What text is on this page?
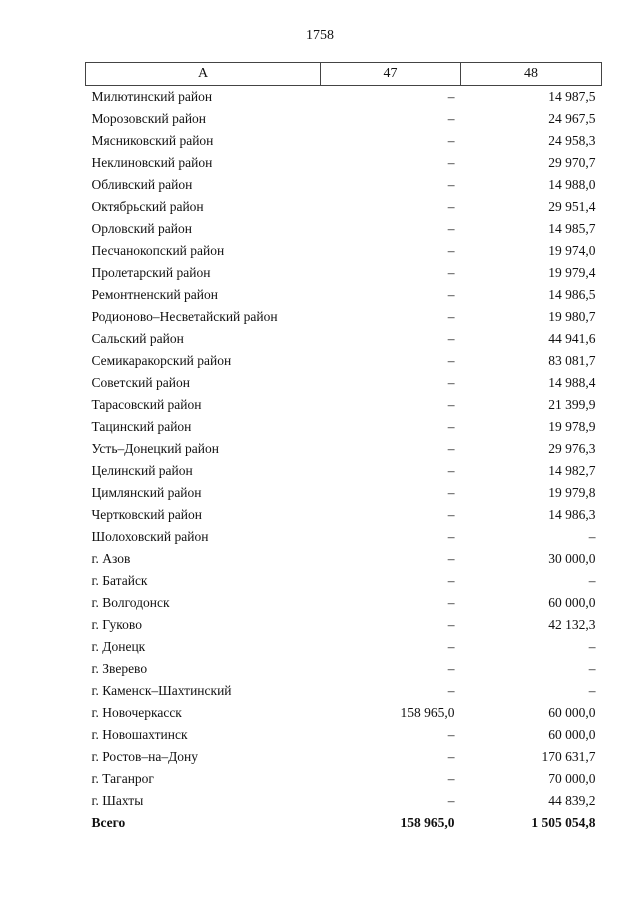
1758
A	47	48
Милютинский район	–	14 987,5
Морозовский район	–	24 967,5
Мясниковский район	–	24 958,3
Неклиновский район	–	29 970,7
Обливский район	–	14 988,0
Октябрьский район	–	29 951,4
Орловский район	–	14 985,7
Песчанокопский район	–	19 974,0
Пролетарский район	–	19 979,4
Ремонтненский район	–	14 986,5
Родионово–Несветайский район	–	19 980,7
Сальский район	–	44 941,6
Семикаракорский район	–	83 081,7
Советский район	–	14 988,4
Тарасовский район	–	21 399,9
Тацинский район	–	19 978,9
Усть–Донецкий район	–	29 976,3
Целинский район	–	14 982,7
Цимлянский район	–	19 979,8
Чертковский район	–	14 986,3
Шолоховский район	–	–
г. Азов	–	30 000,0
г. Батайск	–	–
г. Волгодонск	–	60 000,0
г. Гуково	–	42 132,3
г. Донецк	–	–
г. Зверево	–	–
г. Каменск–Шахтинский	–	–
г. Новочеркасск	158 965,0	60 000,0
г. Новошахтинск	–	60 000,0
г. Ростов–на–Дону	–	170 631,7
г. Таганрог	–	70 000,0
г. Шахты	–	44 839,2
Всего	158 965,0	1 505 054,8
